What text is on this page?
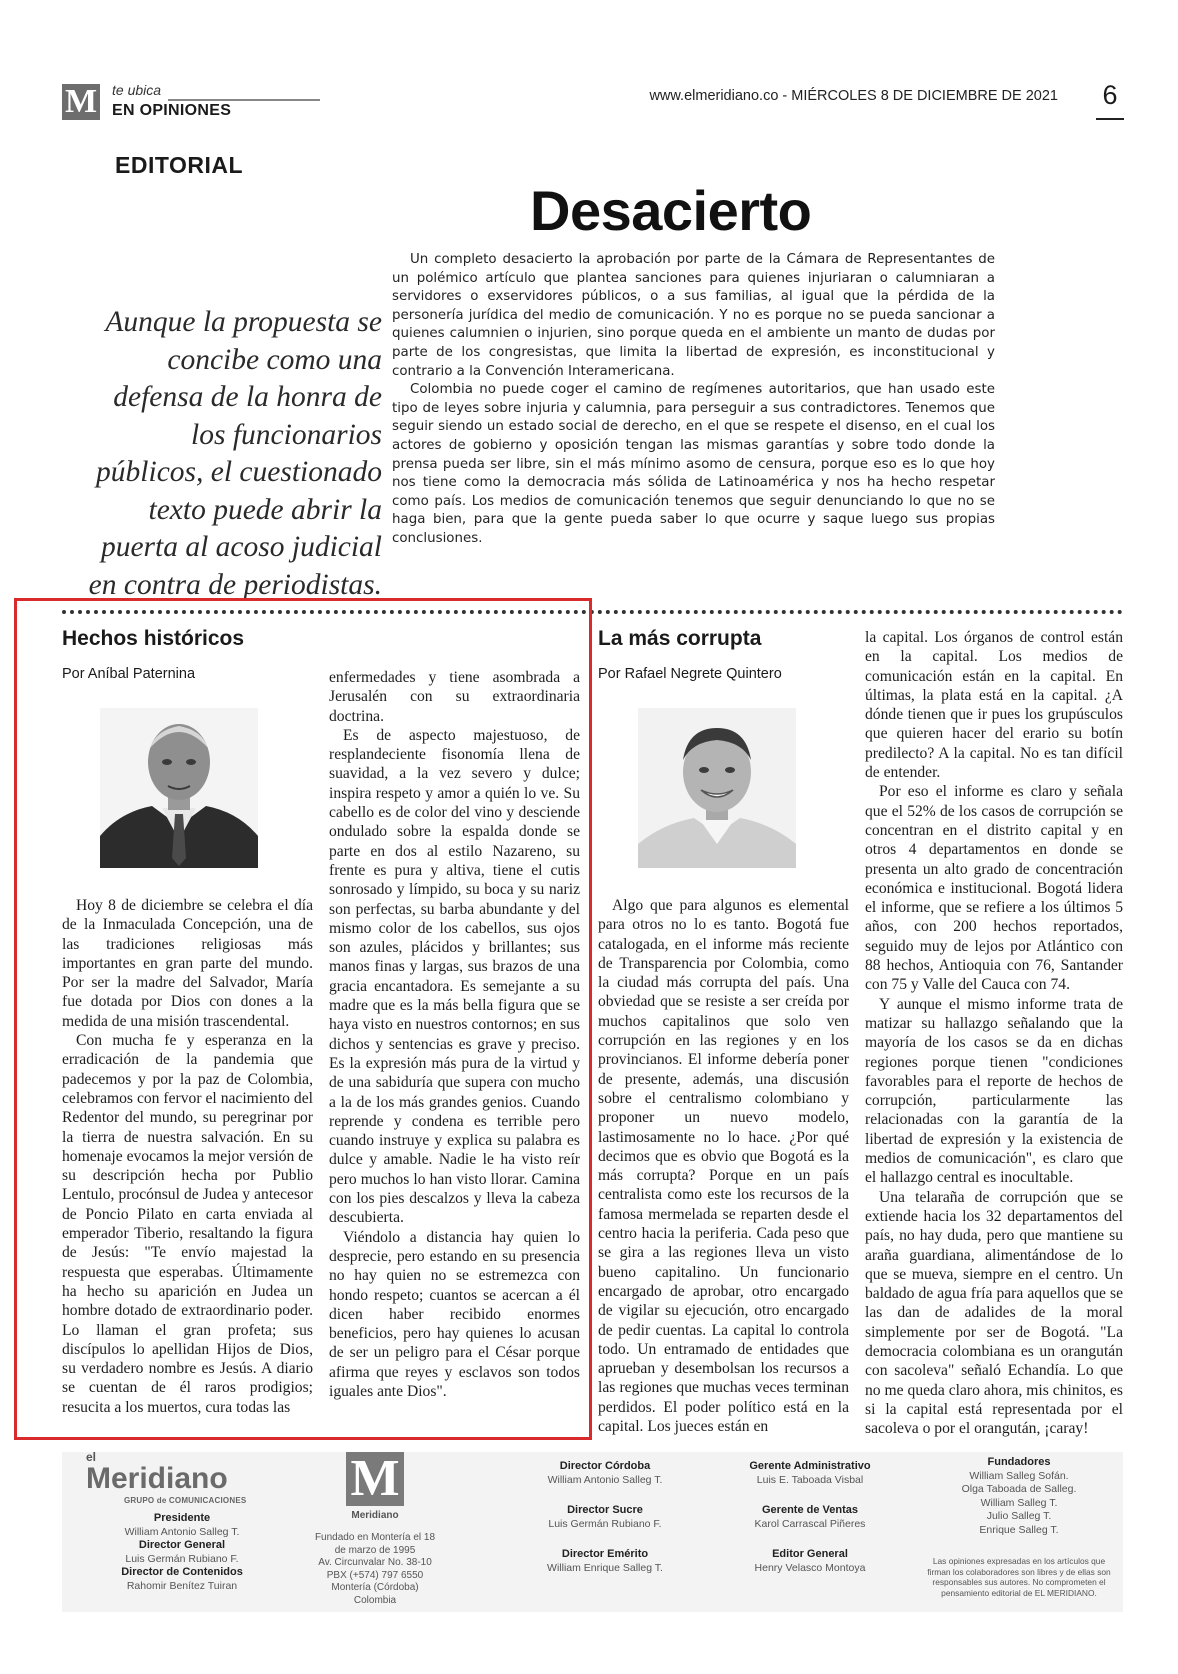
M te ubica
EN OPINIONES
www.elmeridiano.co - MIÉRCOLES 8 DE DICIEMBRE DE 2021 6
EDITORIAL
Desacierto
Aunque la propuesta se concibe como una defensa de la honra de los funcionarios públicos, el cuestionado texto puede abrir la puerta al acoso judicial en contra de periodistas.

Un completo desacierto la aprobación por parte de la Cámara de Representantes de un polémico artículo que plantea sanciones para quienes injuriaran o calumniaran a servidores o exservidores públicos, o a sus familias, al igual que la pérdida de la personería jurídica del medio de comunicación. Y no es porque no se pueda sancionar a quienes calumnien o injurien, sino porque queda en el ambiente un manto de dudas por parte de los congresistas, que limita la libertad de expresión, es inconstitucional y contrario a la Convención Interamericana.

Colombia no puede coger el camino de regímenes autoritarios, que han usado este tipo de leyes sobre injuria y calumnia, para perseguir a sus contradictores. Tenemos que seguir siendo un estado social de derecho, en el que se respete el disenso, en el cual los actores de gobierno y oposición tengan las mismas garantías y sobre todo donde la prensa pueda ser libre, sin el más mínimo asomo de censura, porque eso es lo que hoy nos tiene como la democracia más sólida de Latinoamérica y nos ha hecho respetar como país. Los medios de comunicación tenemos que seguir denunciando lo que no se haga bien, para que la gente pueda saber lo que ocurre y saque luego sus propias conclusiones.

Hechos históricos
Por Aníbal Paternina

Hoy 8 de diciembre se celebra el día de la Inmaculada Concepción, una de las tradiciones religiosas más importantes en gran parte del mundo. Por ser la madre del Salvador, María fue dotada por Dios con dones a la medida de una misión trascendental.

Con mucha fe y esperanza en la erradicación de la pandemia que padecemos y por la paz de Colombia, celebramos con fervor el nacimiento del Redentor del mundo, su peregrinar por la tierra de nuestra salvación. En su homenaje evocamos la mejor versión de su descripción hecha por Publio Lentulo, procónsul de Judea y antecesor de Poncio Pilato en carta enviada al emperador Tiberio, resaltando la figura de Jesús: "Te envío majestad la respuesta que esperabas. Últimamente ha hecho su aparición en Judea un hombre dotado de extraordinario poder. Lo llaman el gran profeta; sus discípulos lo apellidan Hijos de Dios, su verdadero nombre es Jesús. A diario se cuentan de él raros prodigios; resucita a los muertos, cura todas las

enfermedades y tiene asombrada a Jerusalén con su extraordinaria doctrina.

Es de aspecto majestuoso, de resplandeciente fisonomía llena de suavidad, a la vez severo y dulce; inspira respeto y amor a quién lo ve. Su cabello es de color del vino y desciende ondulado sobre la espalda donde se parte en dos al estilo Nazareno, su frente es pura y altiva, tiene el cutis sonrosado y límpido, su boca y su nariz son perfectas, su barba abundante y del mismo color de los cabellos, sus ojos son azules, plácidos y brillantes; sus manos finas y largas, sus brazos de una gracia encantadora. Es semejante a su madre que es la más bella figura que se haya visto en nuestros contornos; en sus dichos y sentencias es grave y preciso. Es la expresión más pura de la virtud y de una sabiduría que supera con mucho a la de los más grandes genios. Cuando reprende y condena es terrible pero cuando instruye y explica su palabra es dulce y amable. Nadie le ha visto reír pero muchos lo han visto llorar. Camina con los pies descalzos y lleva la cabeza descubierta.

Viéndolo a distancia hay quien lo desprecie, pero estando en su presencia no hay quien no se estremezca con hondo respeto; cuantos se acercan a él dicen haber recibido enormes beneficios, pero hay quienes lo acusan de ser un peligro para el César porque afirma que reyes y esclavos son todos iguales ante Dios".

La más corrupta
Por Rafael Negrete Quintero

Algo que para algunos es elemental para otros no lo es tanto. Bogotá fue catalogada, en el informe más reciente de Transparencia por Colombia, como la ciudad más corrupta del país. Una obviedad que se resiste a ser creída por muchos capitalinos que solo ven corrupción en las regiones y en los provincianos. El informe debería poner de presente, además, una discusión sobre el centralismo colombiano y proponer un nuevo modelo, lastimosamente no lo hace. ¿Por qué decimos que es obvio que Bogotá es la más corrupta? Porque en un país centralista como este los recursos de la famosa mermelada se reparten desde el centro hacia la periferia. Cada peso que se gira a las regiones lleva un visto bueno capitalino. Un funcionario encargado de aprobar, otro encargado de vigilar su ejecución, otro encargado de pedir cuentas. La capital lo controla todo. Un entramado de entidades que aprueban y desembolsan los recursos a las regiones que muchas veces terminan perdidos. El poder político está en la capital. Los jueces están en

la capital. Los órganos de control están en la capital. Los medios de comunicación están en la capital. En últimas, la plata está en la capital. ¿A dónde tienen que ir pues los grupúsculos que quieren hacer del erario su botín predilecto? A la capital. No es tan difícil de entender.

Por eso el informe es claro y señala que el 52% de los casos de corrupción se concentran en el distrito capital y en otros 4 departamentos en donde se presenta un alto grado de concentración económica e institucional. Bogotá lidera el informe, que se refiere a los últimos 5 años, con 200 hechos reportados, seguido muy de lejos por Atlántico con 88 hechos, Antioquia con 76, Santander con 75 y Valle del Cauca con 74.

Y aunque el mismo informe trata de matizar su hallazgo señalando que la mayoría de los casos se da en dichas regiones porque tienen "condiciones favorables para el reporte de hechos de corrupción, particularmente las relacionadas con la garantía de la libertad de expresión y la existencia de medios de comunicación", es claro que el hallazgo central es inocultable.

Una telaraña de corrupción que se extiende hacia los 32 departamentos del país, no hay duda, pero que mantiene su araña guardiana, alimentándose de lo que se mueva, siempre en el centro. Un baldado de agua fría para aquellos que se las dan de adalides de la moral simplemente por ser de Bogotá. "La democracia colombiana es un orangután con sacoleva" señaló Echandía. Lo que no me queda claro ahora, mis chinitos, es si la capital está representada por el sacoleva o por el orangután, ¡caray!

el
Meridiano
GRUPO de COMUNICACIONES
Presidente
William Antonio Salleg T.
Director General
Luis Germán Rubiano F.
Director de Contenidos
Rahomir Benítez Tuiran
M
Meridiano
Fundado en Montería el 18 de marzo de 1995
Av. Circunvalar No. 38-10
PBX (+574) 797 6550
Montería (Córdoba) Colombia
Director Córdoba
William Antonio Salleg T.
Director Sucre
Luis Germán Rubiano F.
Director Emérito
William Enrique Salleg T.
Gerente Administrativo
Luis E. Taboada Visbal
Gerente de Ventas
Karol Carrascal Piñeres
Editor General
Henry Velasco Montoya
Fundadores
William Salleg Sofán.
Olga Taboada de Salleg.
William Salleg T.
Julio Salleg T.
Enrique Salleg T.
Las opiniones expresadas en los artículos que firman los colaboradores son libres y de ellas son responsables sus autores. No comprometen el pensamiento editorial de EL MERIDIANO.
